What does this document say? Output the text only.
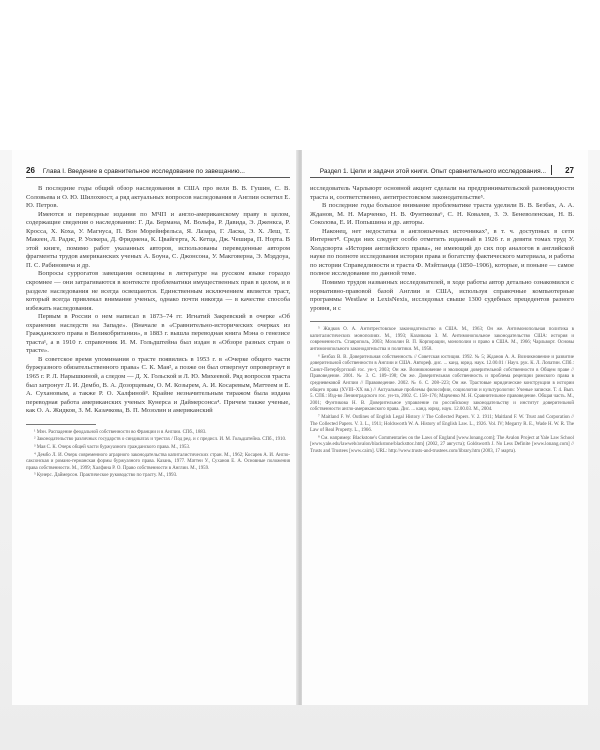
26 Глава I. Введение в сравнительное исследование по завещанию...

В последние годы общий обзор наследования в США про вели В. В. Гушин, С. В. Соловьева и О. Ю. Шилохвост, а ряд актуальных вопросов наследования в Англии осветил Е. Ю. Петров.

Имеются и переводные издания по МЧП и англо-американскому праву в целом, содержащие сведения о наследовании: Г. Да. Бермана, М. Вольфа, Р. Давида, Э. Дженкса, Р. Кросса, Х. Коха, У. Магнуса, П. Вон Морейнфельса, Я. Лазара, Г. Ласка, Э. Х. Леш, Т. Макеен, Л. Радис, Р. Уолкера, Д. Фридмена, К. Цвайгерта, Х. Кетца, Дж. Чешира, П. Норта. В этой книге, помимо работ указанных авторов, использованы переведенные автором фрагменты трудов американских ученых А. Боуна, С. Джонсона, У. Макговерна, Э. Мэддоуа, П. С. Рабиновича и др.

Вопросы суррогатов завещания освещены в литературе на русском языке гораздо скромнее — они затрагиваются в контексте проблематики имущественных прав в целом, и в разделе наследования не всегда освещаются. Единственным исключением является траст, который всегда привлекал внимание ученых, однако почти никогда — в качестве способа избежать наследования.

Первым в России о нем написал в 1873–74 гг. Игнатий Закревский в очерке «Об охранении наследств на Западе». (Вначале в «Сравнительно-исторических очерках из Гражданского права в Великобритании», в 1883 г. вышла переводная книга Мэна о генезисе траста¹, а в 1910 г. справочник И. М. Гольдштейна был издан в «Обзоре разных стран о трасте».

В советское время упоминания о трасте появились в 1953 г. в «Очерке общего части буржуазного обязательственного права» С. К. Мая², а позже он был отвергнут опровергнут в 1965 г. Р. Л. Нарышкиной, а следом — Д. Х. Гольской и Л. Ю. Михеевой. Ряд вопросов траста был затронут Л. И. Дембо, В. А. Дозорцевым, О. М. Козырем, А. И. Косаревым, Маттеем и Е. А. Сухановым, а также Р. О. Халфиной³. Крайне незначительным тиражом была издана переводная работа американских ученых Кунерса и Даймерсонса⁴. Причем также ученые, как О. А. Жидков, З. М. Казачкова, В. П. Мозолин и американский

¹ Мэн. Распадение феодальной собственности во Франции и в Англии. СПб., 1883.

² Законодательство различных государств о синдикатах и трестах / Под ред. и с предисл. И. М. Гольдштейна. СПб., 1910.

³ Мая С. К. Очерк общей части буржуазного гражданского права. М., 1953.

⁴ Дембо Л. И. Очерк современного аграрного законодательства капиталистических стран. М., 1962; Косарев А. И. Англо-саксонская и романо-германская формы буржуазного права. Казань, 1977. Маттеи У., Суханов Е. А. Основные положения права собственности. М., 1999; Халфина Р. О. Право собственности в Англии. М., 1959.

⁵ Кунерс. Даймерсон. Практическое руководство по трасту. М., 1993.

Раздел 1. Цели и задачи этой книги. Опыт сравнительного исследования... 27

исследователь Чарльворт основной акцент сделали на предпринимательской разновидности траста и, соответственно, антитрестовском законодательстве⁵.

В последние годы большое внимание проблематике траста уделили В. В. Безбах, А. А. Жданов, М. Н. Марченко, Н. В. Фунтикова⁶, С. Н. Ковалев, З. Э. Беневоленская, Н. В. Соколова, Е. И. Попышина и др. авторы.

Наконец, нет недостатка в англоязычных источниках⁷, в т. ч. доступных в сети Интернет⁸. Среди них следует особо отметить изданный в 1926 г. в девяти томах труд У. Холдсворта «История английского права», не имеющий до сих пор аналогов в английской науке по полноте исследования истории права и богатству фактического материала, и работы по истории Справедливости и траста Ф. Мэйтланда (1850–1906), которые, и поныне — самое полное исследование по данной теме.

Помимо трудов названных исследователей, в ходе работы автор детально ознакомился с нормативно-правовой базой Англии и США, используя справочные компьютерные программы Westlaw и LexisNexis, исследовал свыше 1300 судебных прецедентов разного уровня, и с

⁵ Жидков О. А. Антитрестовское законодательство в США. М., 1963; Он же. Антимонопольная политика в капиталистических монополиях. М., 1993; Казачкова З. М. Антимонопольное законодательство США: история и современность. Ставрополь, 2003; Мозолин В. П. Корпорации, монополии и право в США. М., 1966; Чарльворт. Основы антимонопольного законодательства и политики. М., 1958.

⁶ Безбах В. В. Доверительная собственность // Советская юстиция. 1992. № 5; Жданов А. А. Возникновение и развитие доверительной собственности в Англии и США. Автореф. дис. ... канд. юрид. наук. 12.00.01 / Науч. рук. К. Л. Лопатин. СПб.: Санкт-Петербургский гос. ун-т, 2003; Он же. Возникновение и эволюция доверительной собственности в Общем праве // Правоведение. 2001. № 3. С. 189–198; Он же. Доверительная собственность и проблема рецепции римского права в средневековой Англии // Правоведение. 2002. № 6. С. 208–223; Он же. Трастовые юридические конструкции в истории общего права (XVIII–XX вв.) // Актуальные проблемы философии, социологии и культурологии: Ученые записки. Т. 4. Вып. 5. СПб.: Изд-во Ленинградского гос. ун-та, 2002. С. 158–176; Марченко М. Н. Сравнительное правоведение. Общая часть. М., 2001; Фунтикова Н. В. Доверительное управление по российскому законодательству и институт доверительной собственности англо-американского права. Дис. ... канд. юрид. наук. 12.00.03. М., 2004.

⁷ Maitland F. W. Outlines of English Legal History // The Collected Papers. V. 2. 1911; Maitland F. W. Trust and Corporation // The Collected Papers. V. 3. L., 1911; Holdsworth W. A. History of English Law. L., 1926. Vol. IV; Megarry R. E., Wade H. W. R. The Law of Real Property. L., 1966.

⁸ См. например: Blackstone's Commentaries on the Laws of England [www.lonang.com]; The Avalon Project at Yale Law School [www.yale.edu/lawweb/avalon/blackstone/blacksttoc.htm] (2002, 27 августа); Goldsworth J. No Less Definite [www.lonang.com] // Trusts and Trustees [www.cairn]. URL: http://www.trusts-and-trustees.com/library.htm (2003, 17 марта).
